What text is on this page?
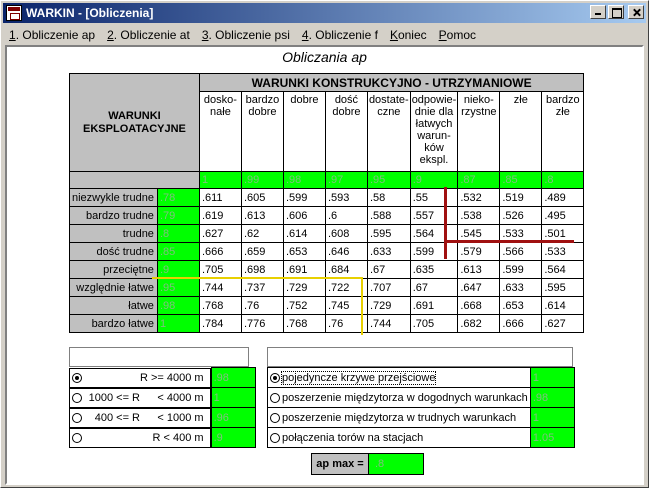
WARKIN - [Obliczenia]
1. Obliczenie ap	2. Obliczenie at	3. Obliczenie psi	4. Obliczenie f	Koniec	Pomoc
Obliczania ap
WARUNKI EKSPLOATACYJNE		WARUNKI KONSTRUKCYJNO - UTRZYMANIOWE								
		dosko-nałe	bardzo dobre	dobre	dość dobre	dostate-czne	odpowie-dnie dla łatwych warun-ków ekspl.	nieko-rzystne	złe	bardzo złe
		1	.99	.98	.97	.95	.9	.87	.85	.8
niezwykle trudne	.78	.611	.605	.599	.593	.58	.55	.532	.519	.489
bardzo trudne	.79	.619	.613	.606	.6	.588	.557	.538	.526	.495
trudne	.8	.627	.62	.614	.608	.595	.564	.545	.533	.501
dość trudne	.85	.666	.659	.653	.646	.633	.599	.579	.566	.533
przeciętne	.9	.705	.698	.691	.684	.67	.635	.613	.599	.564
względnie łatwe	.95	.744	.737	.729	.722	.707	.67	.647	.633	.595
łatwe	.98	.768	.76	.752	.745	.729	.691	.668	.653	.614
bardzo łatwe	1	.784	.776	.768	.76	.744	.705	.682	.666	.627
R >= 4000 m .98

1000 <= R	< 4000 m 1

400 <= R	< 1000 m .96

R < 400 m .9
pojedyncze krzywe przejściowe	1
poszerzenie międzytorza w dogodnych warunkach	.98
poszerzenie międzytorza w trudnych warunkach	1
połączenia torów na stacjach	1.05
ap max =	.8
